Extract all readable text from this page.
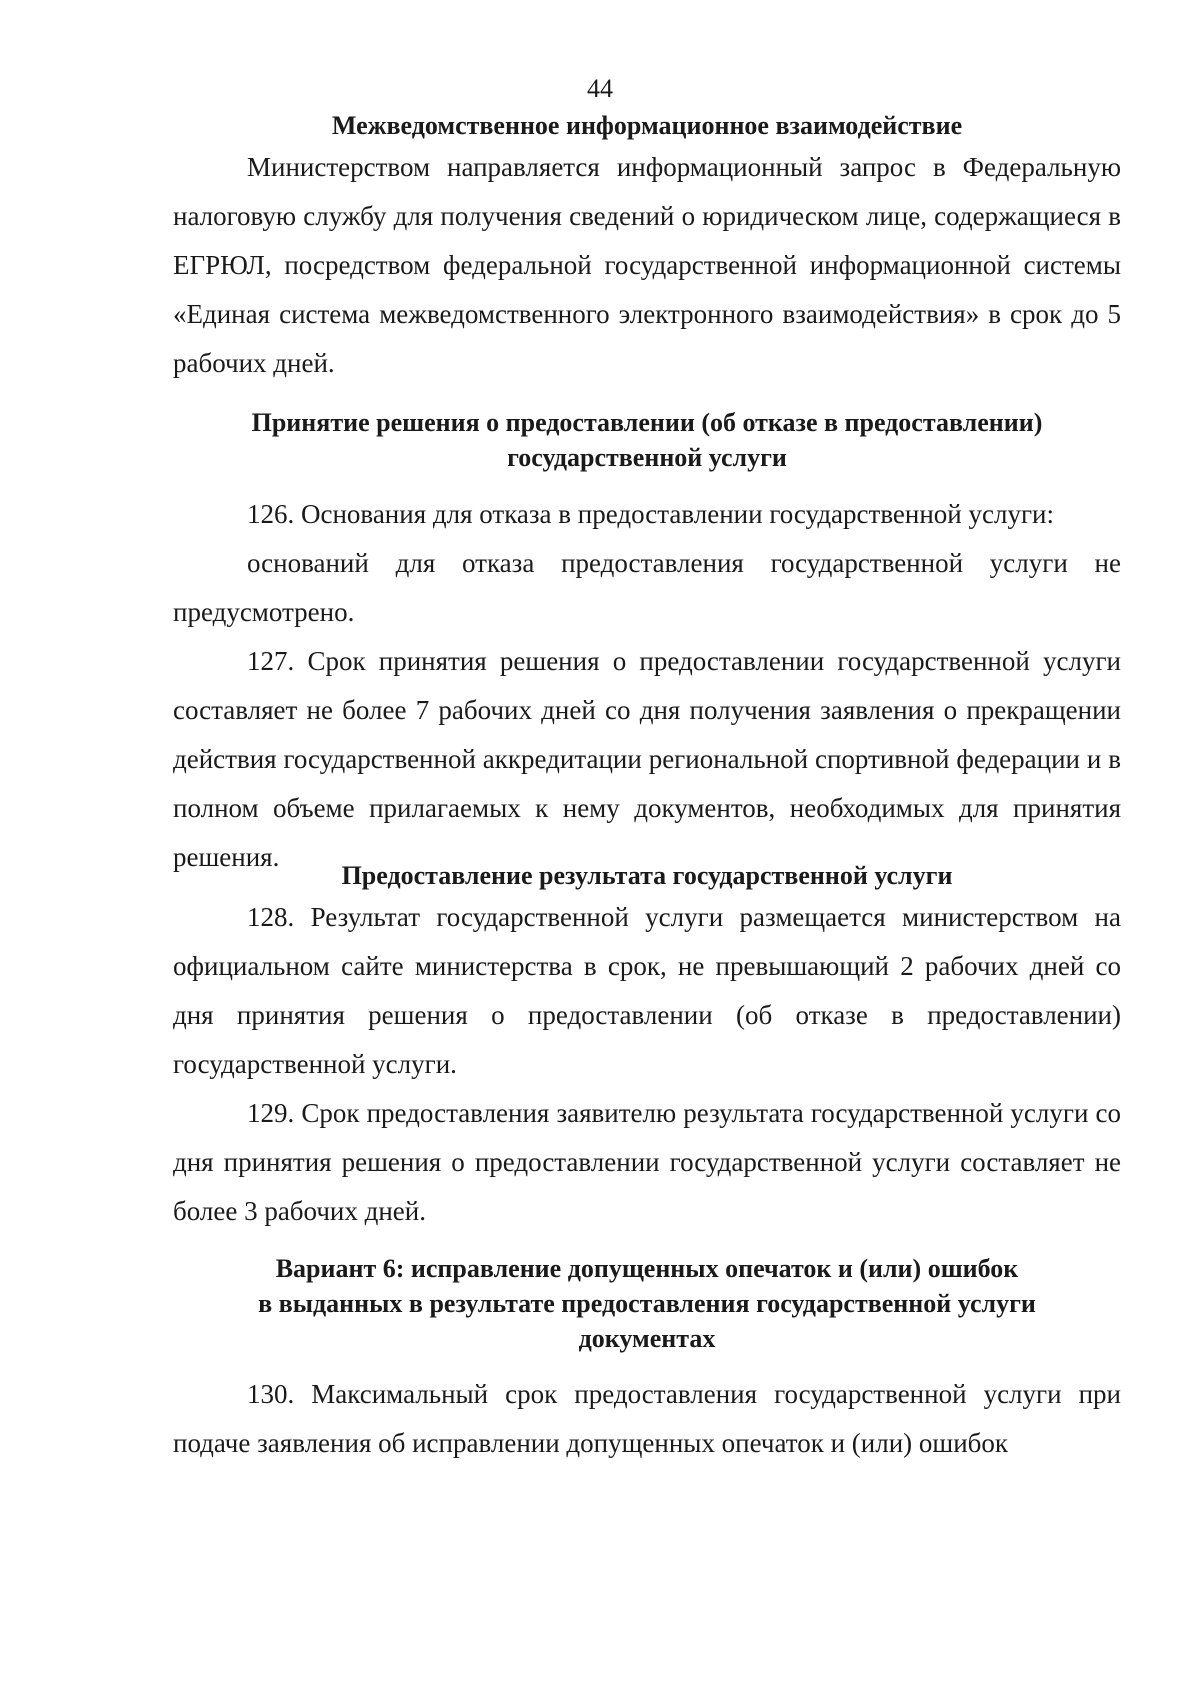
44
Межведомственное информационное взаимодействие
Министерством направляется информационный запрос в Федеральную налоговую службу для получения сведений о юридическом лице, содержащиеся в ЕГРЮЛ, посредством федеральной государственной информационной системы «Единая система межведомственного электронного взаимодействия» в срок до 5 рабочих дней.
Принятие решения о предоставлении (об отказе в предоставлении)
государственной услуги
126. Основания для отказа в предоставлении государственной услуги:
оснований для отказа предоставления государственной услуги не предусмотрено.
127. Срок принятия решения о предоставлении государственной услуги составляет не более 7 рабочих дней со дня получения заявления о прекращении действия государственной аккредитации региональной спортивной федерации и в полном объеме прилагаемых к нему документов, необходимых для принятия решения.
Предоставление результата государственной услуги
128. Результат государственной услуги размещается министерством на официальном сайте министерства в срок, не превышающий 2 рабочих дней со дня принятия решения о предоставлении (об отказе в предоставлении) государственной услуги.
129. Срок предоставления заявителю результата государственной услуги со дня принятия решения о предоставлении государственной услуги составляет не более 3 рабочих дней.
Вариант 6: исправление допущенных опечаток и (или) ошибок
в выданных в результате предоставления государственной услуги
документах
130. Максимальный срок предоставления государственной услуги при подаче заявления об исправлении допущенных опечаток и (или) ошибок
